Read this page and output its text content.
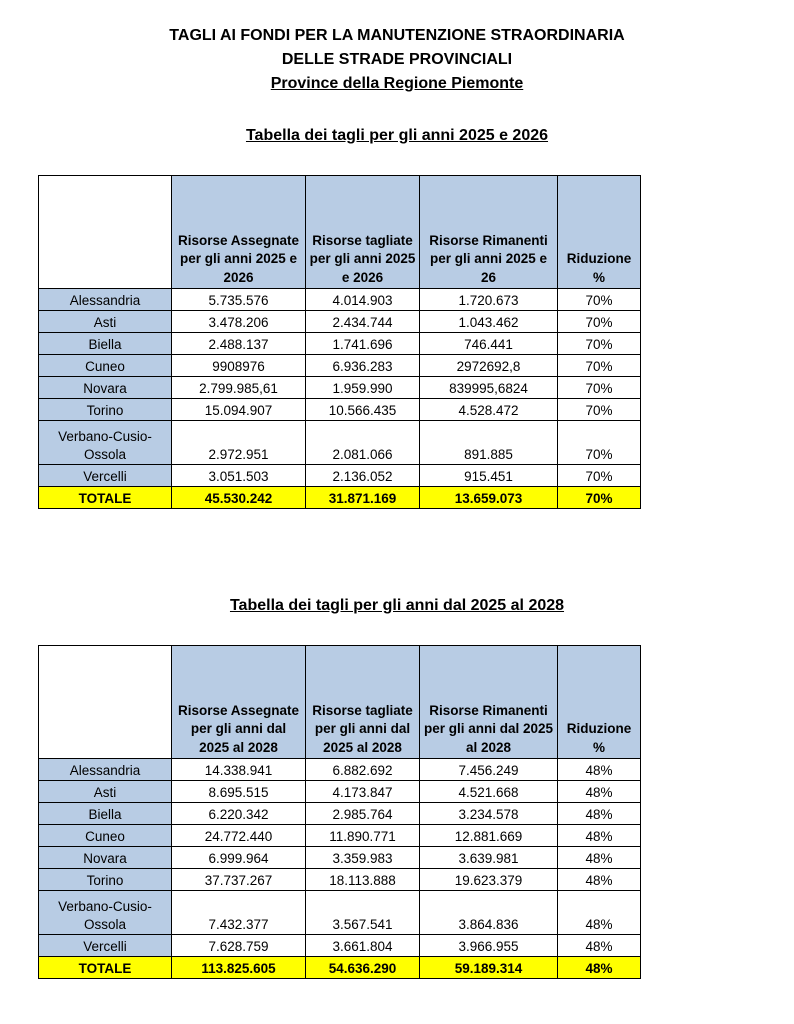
TAGLI AI FONDI PER LA MANUTENZIONE STRAORDINARIA
DELLE STRADE PROVINCIALI
Province della Regione Piemonte
Tabella dei tagli per gli anni 2025 e 2026
	Risorse Assegnate per gli anni 2025 e 2026	Risorse tagliate per gli anni 2025 e 2026	Risorse Rimanenti per gli anni 2025 e 26	Riduzione %
Alessandria	5.735.576	4.014.903	1.720.673	70%
Asti	3.478.206	2.434.744	1.043.462	70%
Biella	2.488.137	1.741.696	746.441	70%
Cuneo	9908976	6.936.283	2972692,8	70%
Novara	2.799.985,61	1.959.990	839995,6824	70%
Torino	15.094.907	10.566.435	4.528.472	70%
Verbano-Cusio-Ossola	2.972.951	2.081.066	891.885	70%
Vercelli	3.051.503	2.136.052	915.451	70%
TOTALE	45.530.242	31.871.169	13.659.073	70%
Tabella dei tagli per gli anni dal 2025 al 2028
	Risorse Assegnate per gli anni dal 2025 al 2028	Risorse tagliate per gli anni dal 2025 al 2028	Risorse Rimanenti per gli anni dal 2025 al 2028	Riduzione %
Alessandria	14.338.941	6.882.692	7.456.249	48%
Asti	8.695.515	4.173.847	4.521.668	48%
Biella	6.220.342	2.985.764	3.234.578	48%
Cuneo	24.772.440	11.890.771	12.881.669	48%
Novara	6.999.964	3.359.983	3.639.981	48%
Torino	37.737.267	18.113.888	19.623.379	48%
Verbano-Cusio-Ossola	7.432.377	3.567.541	3.864.836	48%
Vercelli	7.628.759	3.661.804	3.966.955	48%
TOTALE	113.825.605	54.636.290	59.189.314	48%
